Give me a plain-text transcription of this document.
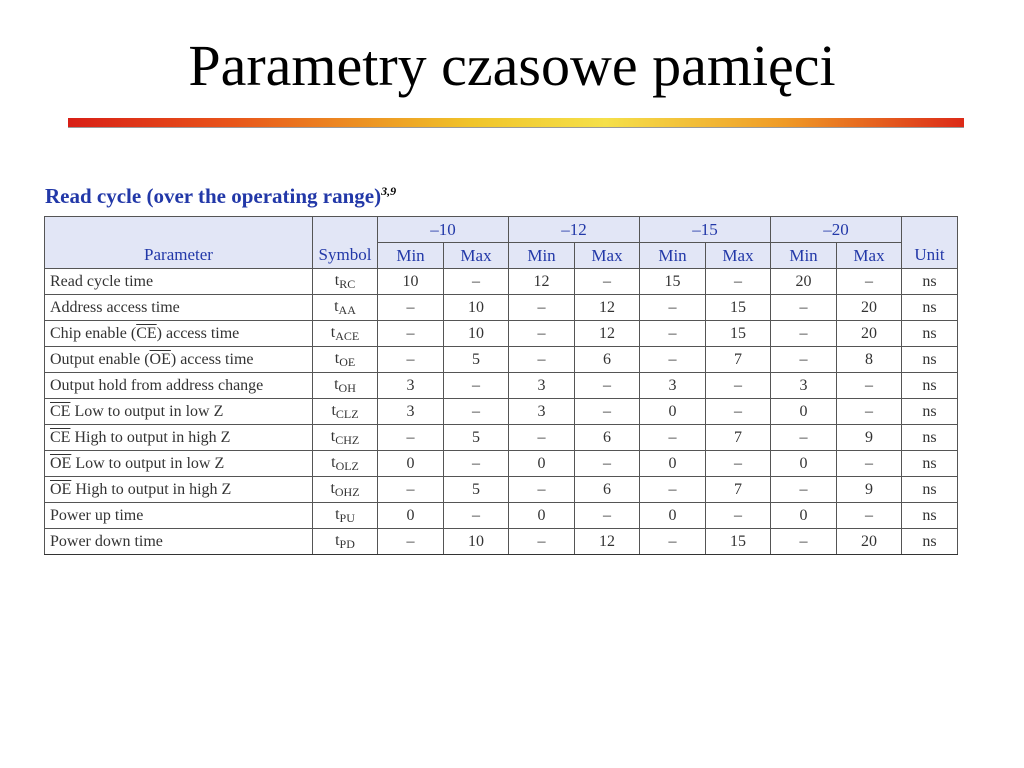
Parametry czasowe pamięci
Read cycle (over the operating range)$^{3,9}$
Parameter	Symbol	–10		–12		–15		–20		Unit
		Min	Max	Min	Max	Min	Max	Min	Max	
Read cycle time	$t_{RC}$	10	–	12	–	15	–	20	–	ns
Address access time	$t_{AA}$	–	10	–	12	–	15	–	20	ns
Chip enable $(\overline{CE})$ access time	$t_{ACE}$	–	10	–	12	–	15	–	20	ns
Output enable $(\overline{OE})$ access time	$t_{OE}$	–	5	–	6	–	7	–	8	ns
Output hold from address change	$t_{OH}$	3	–	3	–	3	–	3	–	ns
$\overline{CE}$ Low to output in low Z	$t_{CLZ}$	3	–	3	–	0	–	0	–	ns
$\overline{CE}$ High to output in high Z	$t_{CHZ}$	–	5	–	6	–	7	–	9	ns
$\overline{OE}$ Low to output in low Z	$t_{OLZ}$	0	–	0	–	0	–	0	–	ns
$\overline{OE}$ High to output in high Z	$t_{OHZ}$	–	5	–	6	–	7	–	9	ns
Power up time	$t_{PU}$	0	–	0	–	0	–	0	–	ns
Power down time	$t_{PD}$	–	10	–	12	–	15	–	20	ns
